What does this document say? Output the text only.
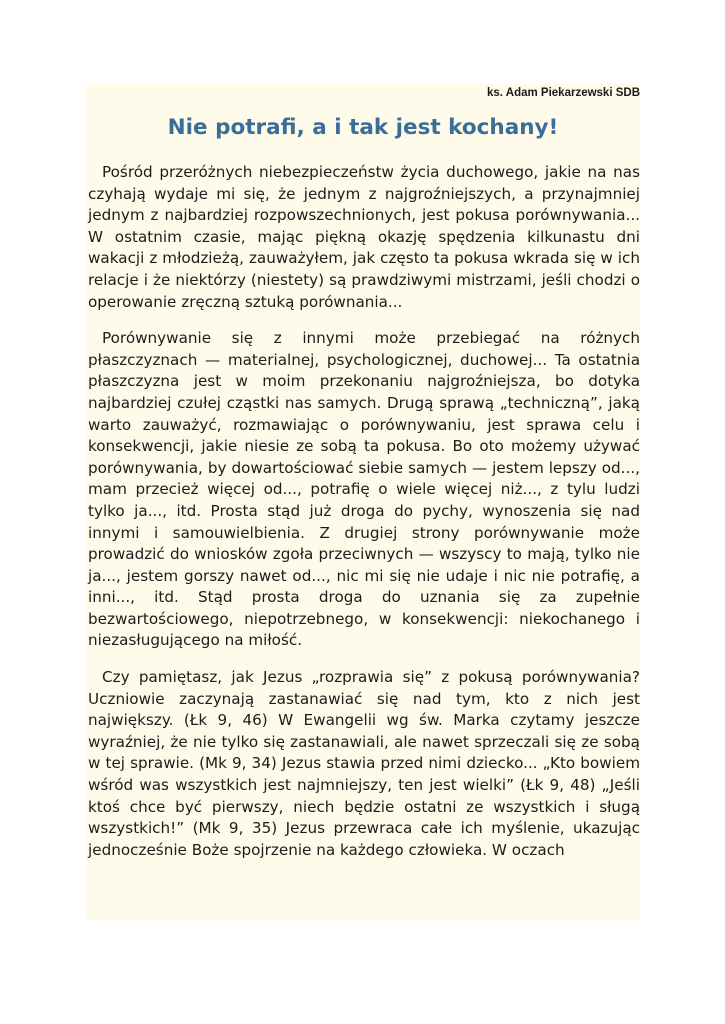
ks. Adam Piekarzewski SDB
Nie potrafi, a i tak jest kochany!

Pośród przeróżnych niebezpieczeństw życia duchowego, jakie na nas czyhają wydaje mi się, że jednym z najgroźniejszych, a przynajmniej jednym z najbardziej rozpowszechnionych, jest pokusa porównywania... W ostatnim czasie, mając piękną okazję spędzenia kilkunastu dni wakacji z młodzieżą, zauważyłem, jak często ta pokusa wkrada się w ich relacje i że niektórzy (niestety) są prawdziwymi mistrzami, jeśli chodzi o operowanie zręczną sztuką porównania...

Porównywanie się z innymi może przebiegać na różnych płaszczyznach — materialnej, psychologicznej, duchowej... Ta ostatnia płaszczyzna jest w moim przekonaniu najgroźniejsza, bo dotyka najbardziej czułej cząstki nas samych. Drugą sprawą „techniczną”, jaką warto zauważyć, rozmawiając o porównywaniu, jest sprawa celu i konsekwencji, jakie niesie ze sobą ta pokusa. Bo oto możemy używać porównywania, by dowartościować siebie samych — jestem lepszy od..., mam przecież więcej od..., potrafię o wiele więcej niż..., z tylu ludzi tylko ja..., itd. Prosta stąd już droga do pychy, wynoszenia się nad innymi i samouwielbienia. Z drugiej strony porównywanie może prowadzić do wniosków zgoła przeciwnych — wszyscy to mają, tylko nie ja..., jestem gorszy nawet od..., nic mi się nie udaje i nic nie potrafię, a inni..., itd. Stąd prosta droga do uznania się za zupełnie bezwartościowego, niepotrzebnego, w konsekwencji: niekochanego i niezasługującego na miłość.

Czy pamiętasz, jak Jezus „rozprawia się” z pokusą porównywania? Uczniowie zaczynają zastanawiać się nad tym, kto z nich jest największy. (Łk 9, 46) W Ewangelii wg św. Marka czytamy jeszcze wyraźniej, że nie tylko się zastanawiali, ale nawet sprzeczali się ze sobą w tej sprawie. (Mk 9, 34) Jezus stawia przed nimi dziecko... „Kto bowiem wśród was wszystkich jest najmniejszy, ten jest wielki” (Łk 9, 48) „Jeśli ktoś chce być pierwszy, niech będzie ostatni ze wszystkich i sługą wszystkich!” (Mk 9, 35) Jezus przewraca całe ich myślenie, ukazując jednocześnie Boże spojrzenie na każdego człowieka. W oczach
